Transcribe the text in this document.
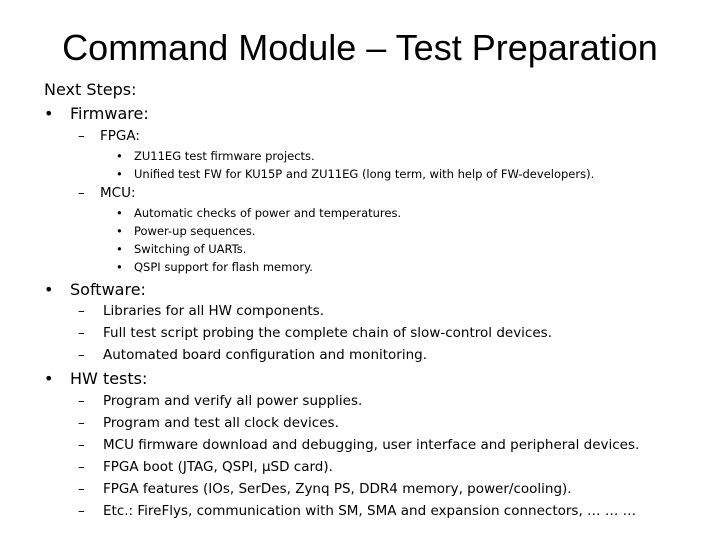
Command Module – Test Preparation
Next Steps:
• Firmware:
– FPGA:
• ZU11EG test firmware projects.
• Unified test FW for KU15P and ZU11EG (long term, with help of FW-developers).
– MCU:
• Automatic checks of power and temperatures.
• Power-up sequences.
• Switching of UARTs.
• QSPI support for flash memory.
• Software:
– Libraries for all HW components.
– Full test script probing the complete chain of slow-control devices.
– Automated board configuration and monitoring.
• HW tests:
– Program and verify all power supplies.
– Program and test all clock devices.
– MCU firmware download and debugging, user interface and peripheral devices.
– FPGA boot (JTAG, QSPI, µSD card).
– FPGA features (IOs, SerDes, Zynq PS, DDR4 memory, power/cooling).
– Etc.: FireFlys, communication with SM, SMA and expansion connectors, … … …
